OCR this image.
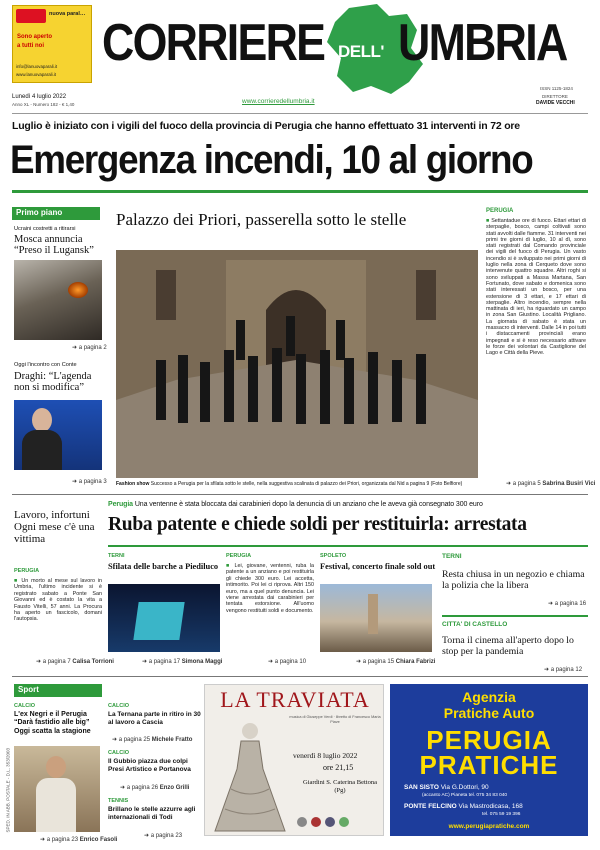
nuova paral…
Sono aperto
a tutti noi
info@lanuovaparali.it
www.lanuovaparali.it
CORRIERE DELL' UMBRIA
ISSN 1125-1824
Lunedì 4 luglio 2022
Anno XL - Numero 182 - € 1,40	www.corrieredellumbria.it
DIRETTORE
DAVIDE VECCHI
Luglio è iniziato con i vigili del fuoco della provincia di Perugia che hanno effettuato 31 interventi in 72 ore
Emergenza incendi, 10 al giorno
Primo piano
Ucraini costretti a ritirarsi
Mosca annuncia “Preso il Lugansk”
➜ a pagina 2
Oggi l'incontro con Conte
Draghi: “L'agenda non si modifica”
➜ a pagina 3
Palazzo dei Priori, passerella sotto le stelle
Fashion show Successo a Perugia per la sfilata sotto le stelle, nella suggestiva scalinata di palazzo dei Priori, organizzata dal Nid a pagina 9 (Foto Belfiore)
PERUGIA
■ Settantadue ore di fuoco. Ettari ettari di sterpaglie, bosco, campi coltivati sono stati avvolti dalle fiamme. 31 interventi nei primi tre giorni di luglio, 10 al dì, sono stati registrati dal Comando provinciale dei vigili del fuoco di Perugia. Un vasto incendio si è sviluppato nei primi giorni di luglio nella zona di Cerqueto dove sono intervenute quattro squadre. Altri roghi si sono sviluppati a Massa Martana, San Fortunato, dove sabato e domenica sono stati interessati un bosco, per una estensione di 3 ettari, e 17 ettari di sterpaglie. Altro incendio, sempre nella mattinata di ieri, ha riguardato un campo in zona San Giustino. Località Prigliano. La giornata di sabato è stata un massacro di interventi. Dalle 14 in poi tutti i distaccamenti provinciali erano impegnati e si è reso necessario attivare le forze dei volontari da Castiglione del Lago e Città della Pieve.
➜ a pagina 5 Sabrina Busiri Vici
Lavoro, infortuni Ogni mese c'è una vittima
PERUGIA
■ Un morto al mese sul lavoro in Umbria, l'ultimo incidente si è registrato sabato a Ponte San Giovanni ed è costato la vita a Fausto Vitelli, 57 anni. La Procura ha aperto un fascicolo, domani l'autopsia.
➜ a pagina 7 Calisa Torrioni
Perugia Una ventenne è stata bloccata dai carabinieri dopo la denuncia di un anziano che le aveva già consegnato 300 euro
Ruba patente e chiede soldi per restituirla: arrestata
TERNI
Sfilata delle barche a Piediluco
➜ a pagina 17 Simona Maggi
PERUGIA
■ Lei, giovane, ventenni, ruba la patente a un anziano e poi restituirla gli chiede 300 euro. Lei accetta, intimorito. Poi lei ci riprova. Altri 150 euro, ma a quel punto denuncia. Lei viene arrestata dai carabinieri per tentata estorsione. All'uomo vengono restituiti soldi e documento.
➜ a pagina 10
SPOLETO
Festival, concerto finale sold out
➜ a pagina 15 Chiara Fabrizi
TERNI
Resta chiusa in un negozio e chiama la polizia che la libera
➜ a pagina 16
CITTA' DI CASTELLO
Torna il cinema all'aperto dopo lo stop per la pandemia
➜ a pagina 12
Sport
CALCIO
L'ex Negri e il Perugia “Darà fastidio alle big” Oggi scatta la stagione
➜ a pagina 23 Enrico Fasoli
CALCIO
La Ternana parte in ritiro in 30 al lavoro a Cascia
➜ a pagina 25 Michele Fratto
CALCIO
Il Gubbio piazza due colpi Presi Artistico e Portanova
➜ a pagina 26 Enzo Grilli
TENNIS
Brillano le stelle azzurre agli internazionali di Todi
➜ a pagina 23
LA TRAVIATA
musica di Giuseppe Verdi · libretto di Francesco Maria Piave
venerdì 8 luglio 2022
ore 21,15
Giardini S. Caterina Bettona (Pg)
Agenzia
Pratiche Auto
PERUGIA
PRATICHE
SAN SISTO Via G.Dottori, 90
(accanto AC) Pianeta tel. 075 34 83 040
PONTE FELCINO Via Mastrodicasa, 168
tel. 075 59 19 396
www.perugiapratiche.com
SPED. IN ABB. POSTALE - D.L. 353/2003
